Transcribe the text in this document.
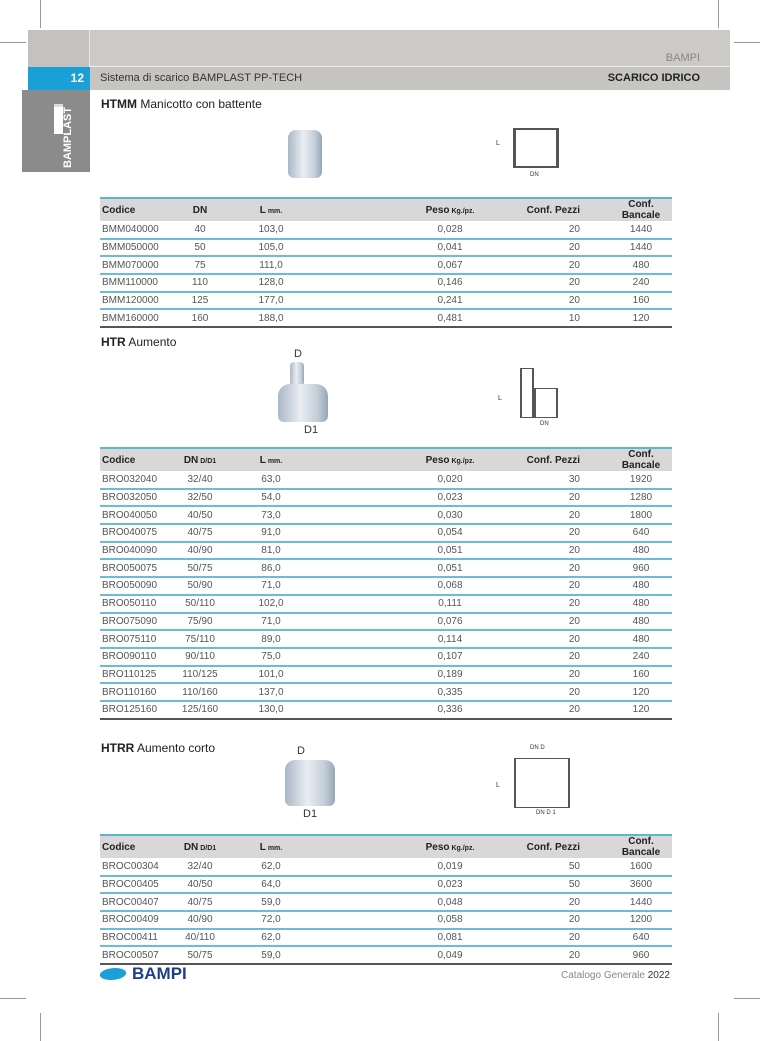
BAMPI
12	Sistema di scarico BAMPLAST PP-TECH	SCARICO IDRICO
BAMPLAST
HTMM Manicotto con battente
L
DN
Codice	DN	L mm.	Peso Kg./pz.	Conf. Pezzi	Conf. Bancale
BMM040000	40	103,0	0,028	20	1440
BMM050000	50	105,0	0,041	20	1440
BMM070000	75	111,0	0,067	20	480
BMM110000	110	128,0	0,146	20	240
BMM120000	125	177,0	0,241	20	160
BMM160000	160	188,0	0,481	10	120
HTR Aumento
D
D1
L
DN
Codice	DN D/D1	L mm.	Peso Kg./pz.	Conf. Pezzi	Conf. Bancale
BRO032040	32/40	63,0	0,020	30	1920
BRO032050	32/50	54,0	0,023	20	1280
BRO040050	40/50	73,0	0,030	20	1800
BRO040075	40/75	91,0	0,054	20	640
BRO040090	40/90	81,0	0,051	20	480
BRO050075	50/75	86,0	0,051	20	960
BRO050090	50/90	71,0	0,068	20	480
BRO050110	50/110	102,0	0,111	20	480
BRO075090	75/90	71,0	0,076	20	480
BRO075110	75/110	89,0	0,114	20	480
BRO090110	90/110	75,0	0,107	20	240
BRO110125	110/125	101,0	0,189	20	160
BRO110160	110/160	137,0	0,335	20	120
BRO125160	125/160	130,0	0,336	20	120
HTRR Aumento corto	D
D1
L
DN D
DN D 1
Codice	DN D/D1	L mm.	Peso Kg./pz.	Conf. Pezzi	Conf. Bancale
BROC00304	32/40	62,0	0,019	50	1600
BROC00405	40/50	64,0	0,023	50	3600
BROC00407	40/75	59,0	0,048	20	1440
BROC00409	40/90	72,0	0,058	20	1200
BROC00411	40/110	62,0	0,081	20	640
BROC00507	50/75	59,0	0,049	20	960
BAMPI	Catalogo Generale 2022
